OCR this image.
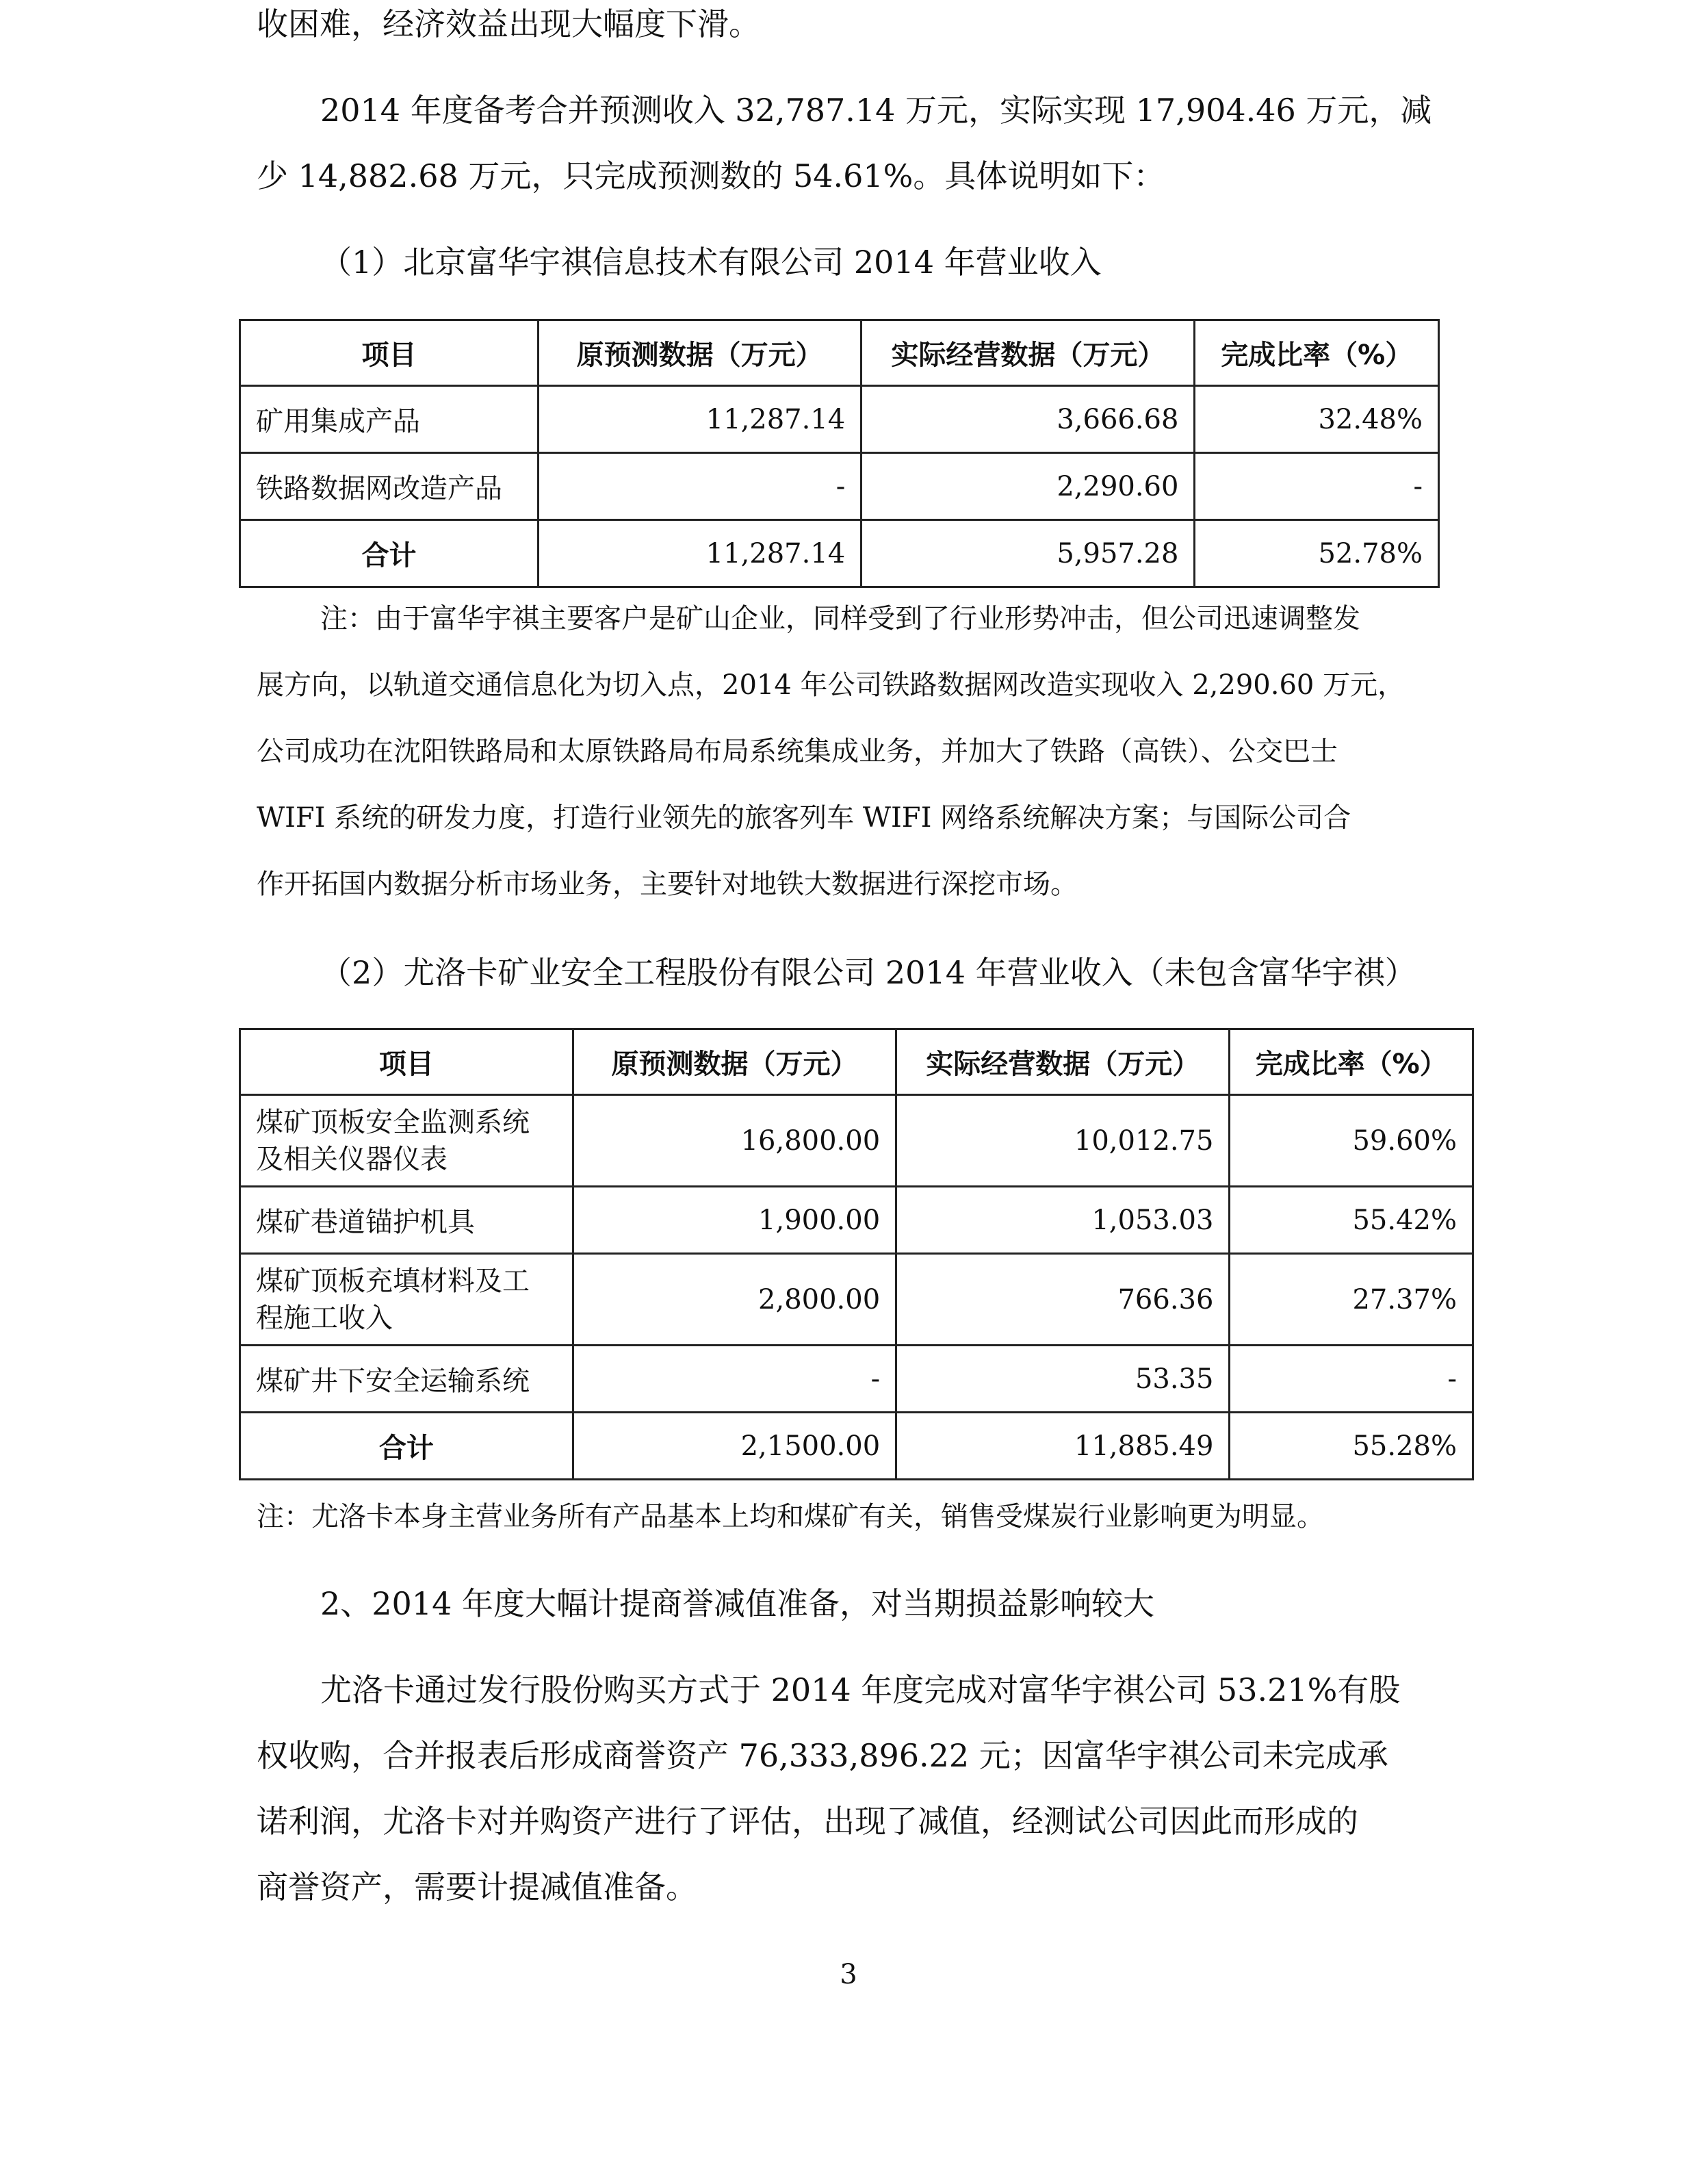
收困难，经济效益出现大幅度下滑。
2014 年度备考合并预测收入 32,787.14 万元，实际实现 17,904.46 万元，减
少 14,882.68 万元，只完成预测数的 54.61%。具体说明如下：
（1）北京富华宇祺信息技术有限公司 2014 年营业收入
项目	原预测数据（万元）	实际经营数据（万元）	完成比率（%）
矿用集成产品	11,287.14	3,666.68	32.48%
铁路数据网改造产品	-	2,290.60	-
合计	11,287.14	5,957.28	52.78%
注：由于富华宇祺主要客户是矿山企业，同样受到了行业形势冲击，但公司迅速调整发
展方向，以轨道交通信息化为切入点，2014 年公司铁路数据网改造实现收入 2,290.60 万元，
公司成功在沈阳铁路局和太原铁路局布局系统集成业务，并加大了铁路（高铁）、公交巴士
WIFI 系统的研发力度，打造行业领先的旅客列车 WIFI 网络系统解决方案；与国际公司合
作开拓国内数据分析市场业务，主要针对地铁大数据进行深挖市场。
（2）尤洛卡矿业安全工程股份有限公司 2014 年营业收入（未包含富华宇祺）
项目	原预测数据（万元）	实际经营数据（万元）	完成比率（%）
煤矿顶板安全监测系统
及相关仪器仪表	16,800.00	10,012.75	59.60%
煤矿巷道锚护机具	1,900.00	1,053.03	55.42%
煤矿顶板充填材料及工
程施工收入	2,800.00	766.36	27.37%
煤矿井下安全运输系统	-	53.35	-
合计	2,1500.00	11,885.49	55.28%
注：尤洛卡本身主营业务所有产品基本上均和煤矿有关，销售受煤炭行业影响更为明显。
2、2014 年度大幅计提商誉减值准备，对当期损益影响较大
尤洛卡通过发行股份购买方式于 2014 年度完成对富华宇祺公司 53.21%有股
权收购，合并报表后形成商誉资产 76,333,896.22 元；因富华宇祺公司未完成承
诺利润，尤洛卡对并购资产进行了评估，出现了减值，经测试公司因此而形成的
商誉资产，需要计提减值准备。
3
